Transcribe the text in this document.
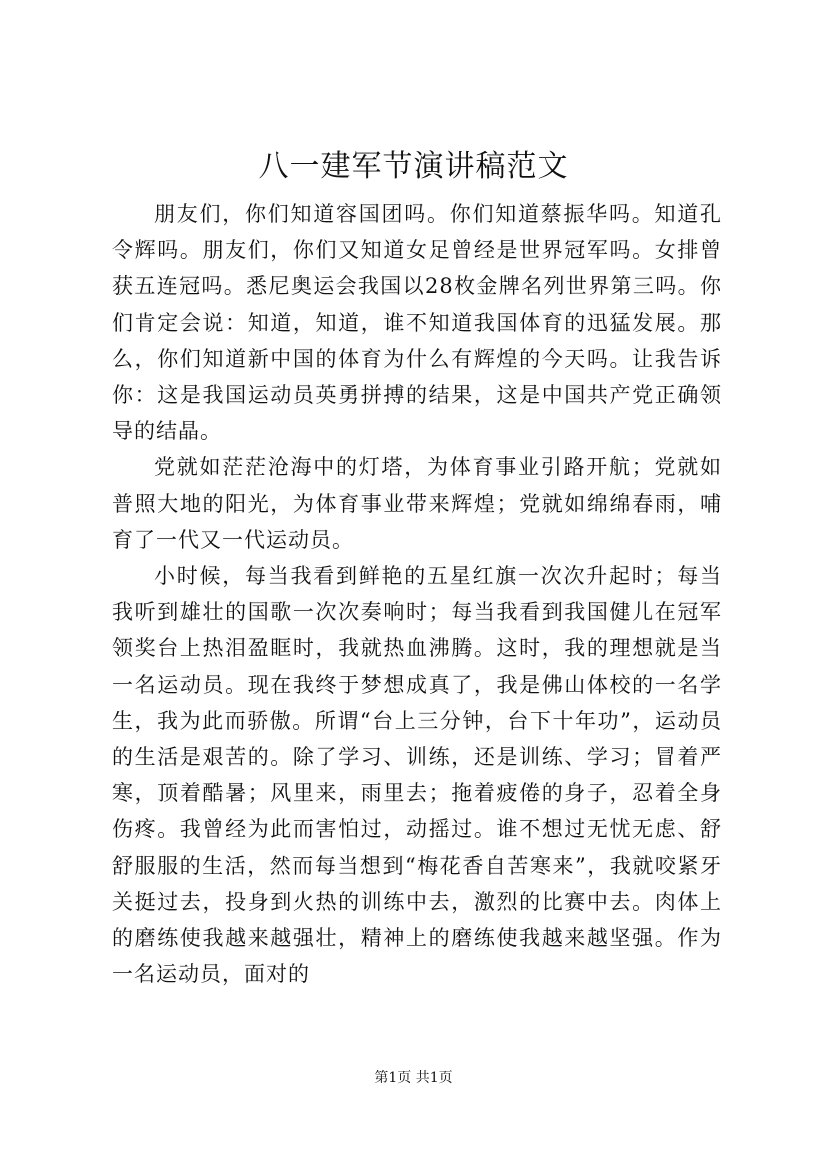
八一建军节演讲稿范文

朋友们，你们知道容国团吗。你们知道蔡振华吗。知道孔令辉吗。朋友们，你们又知道女足曾经是世界冠军吗。女排曾获五连冠吗。悉尼奥运会我国以28枚金牌名列世界第三吗。你们肯定会说：知道，知道，谁不知道我国体育的迅猛发展。那么，你们知道新中国的体育为什么有辉煌的今天吗。让我告诉你：这是我国运动员英勇拼搏的结果，这是中国共产党正确领导的结晶。

党就如茫茫沧海中的灯塔，为体育事业引路开航；党就如普照大地的阳光，为体育事业带来辉煌；党就如绵绵春雨，哺育了一代又一代运动员。

小时候，每当我看到鲜艳的五星红旗一次次升起时；每当我听到雄壮的国歌一次次奏响时；每当我看到我国健儿在冠军领奖台上热泪盈眶时，我就热血沸腾。这时，我的理想就是当一名运动员。现在我终于梦想成真了，我是佛山体校的一名学生，我为此而骄傲。所谓“台上三分钟，台下十年功”，运动员的生活是艰苦的。除了学习、训练，还是训练、学习；冒着严寒，顶着酷暑；风里来，雨里去；拖着疲倦的身子，忍着全身伤疼。我曾经为此而害怕过，动摇过。谁不想过无忧无虑、舒舒服服的生活，然而每当想到“梅花香自苦寒来”，我就咬紧牙关挺过去，投身到火热的训练中去，激烈的比赛中去。肉体上的磨练使我越来越强壮，精神上的磨练使我越来越坚强。作为一名运动员，面对的

第1页 共1页
